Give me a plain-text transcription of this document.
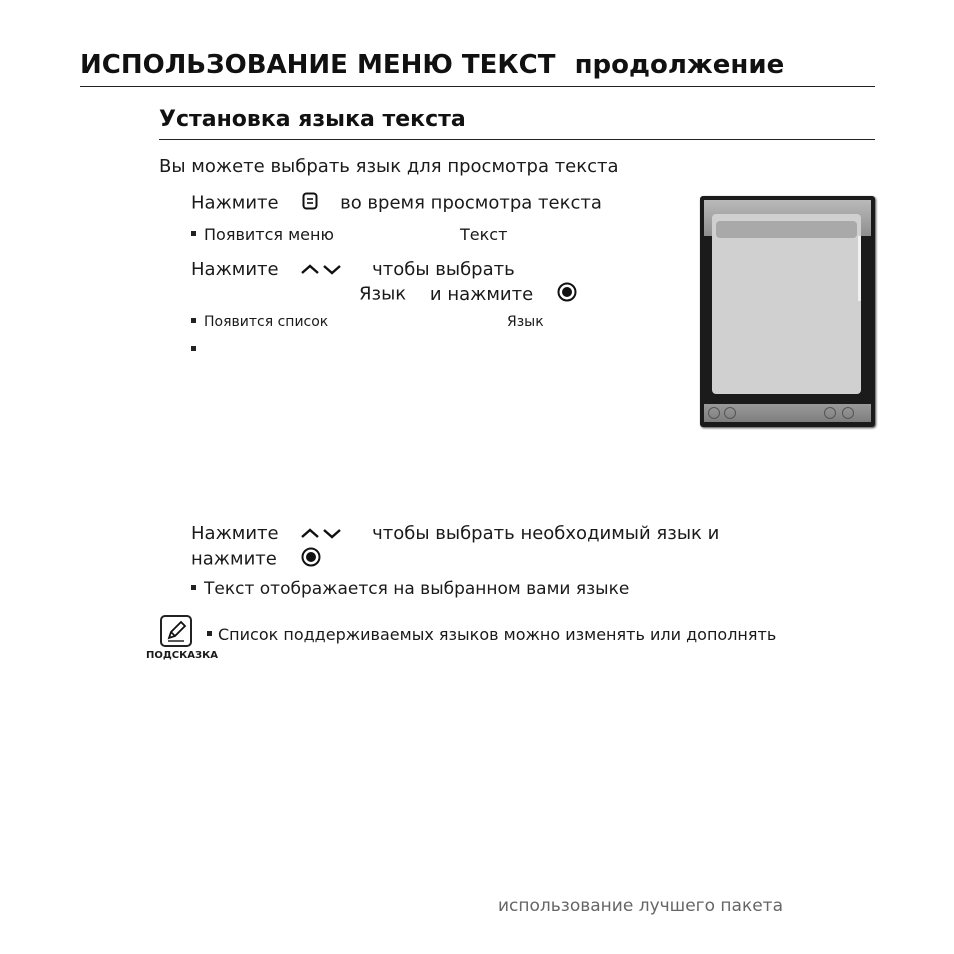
ИСПОЛЬЗОВАНИЕ МЕНЮ ТЕКСТ продолжение
Установка языка текста
Вы можете выбрать язык для просмотра текста
Нажмите	во время просмотра текста
Появится меню	Текст
Нажмите	чтобы выбрать
Язык и нажмите
Появится список	Язык
Нажмите	чтобы выбрать необходимый язык и
нажмите
Текст отображается на выбранном вами языке
ПОДСКАЗКА
Список поддерживаемых языков можно изменять или дополнять
использование лучшего пакета
